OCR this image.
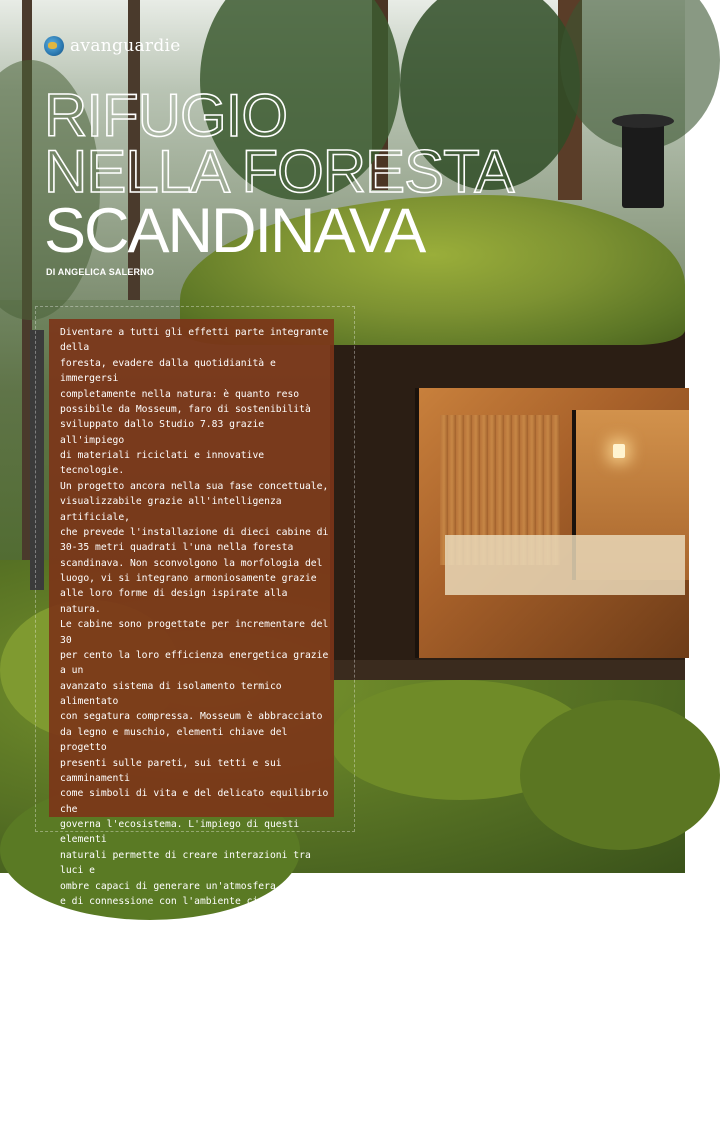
avanguardie
RIFUGIO
NELLA FORESTA
SCANDINAVA
DI ANGELICA SALERNO

Diventare a tutti gli effetti parte integrante della

foresta, evadere dalla quotidianità e immergersi

completamente nella natura: è quanto reso

possibile da Mosseum, faro di sostenibilità

sviluppato dallo Studio 7.83 grazie all'impiego

di materiali riciclati e innovative tecnologie.

Un progetto ancora nella sua fase concettuale,

visualizzabile grazie all'intelligenza artificiale,

che prevede l'installazione di dieci cabine di

30-35 metri quadrati l'una nella foresta

scandinava. Non sconvolgono la morfologia del

luogo, vi si integrano armoniosamente grazie

alle loro forme di design ispirate alla natura.

Le cabine sono progettate per incrementare del 30

per cento la loro efficienza energetica grazie a un

avanzato sistema di isolamento termico alimentato

con segatura compressa. Mosseum è abbracciato

da legno e muschio, elementi chiave del progetto

presenti sulle pareti, sui tetti e sui camminamenti

come simboli di vita e del delicato equilibrio che

governa l'ecosistema. L'impiego di questi elementi

naturali permette di creare interazioni tra luci e

ombre capaci di generare un'atmosfera ipnotica

e di connessione con l'ambiente circostante. Le

ampie vetrate panoramiche connettono interni

ed esterni procurando benessere per gli ospiti.

In tutto lo spazio – anche negli interni su mobili

e installazioni artistiche –, modelli architettonici

moderni e forme naturali si integrano

organicamente, creando un'oasi di pace e relax

che celebra la bellezza della semplicità e, insieme,

della complessità del mondo naturale.

http://instagram.com/studio7.83
